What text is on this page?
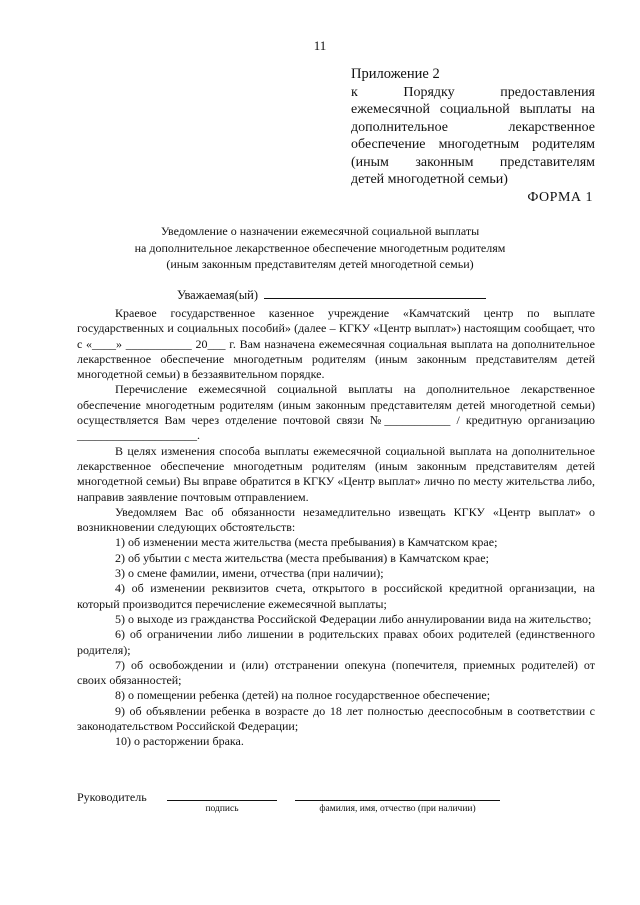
11
Приложение 2
к Порядку предоставления
ежемесячной социальной выплаты на
дополнительное лекарственное
обеспечение многодетным родителям
(иным законным представителям
детей многодетной семьи)
ФОРМА 1
Уведомление о назначении ежемесячной социальной выплаты
на дополнительное лекарственное обеспечение многодетным родителям
(иным законным представителям детей многодетной семьи)
Уважаемая(ый)

Краевое государственное казенное учреждение «Камчатский центр по выплате государственных и социальных пособий» (далее – КГКУ «Центр выплат») настоящим сообщает, что с «____» ___________ 20___ г. Вам назначена ежемесячная социальная выплата на дополнительное лекарственное обеспечение многодетным родителям (иным законным представителям детей многодетной семьи) в беззаявительном порядке.

Перечисление ежемесячной социальной выплаты на дополнительное лекарственное обеспечение многодетным родителям (иным законным представителям детей многодетной семьи) осуществляется Вам через отделение почтовой связи №___________ / кредитную организацию ____________________.

В целях изменения способа выплаты ежемесячной социальной выплата на дополнительное лекарственное обеспечение многодетным родителям (иным законным представителям детей многодетной семьи) Вы вправе обратится в КГКУ «Центр выплат» лично по месту жительства либо, направив заявление почтовым отправлением.

Уведомляем Вас об обязанности незамедлительно извещать КГКУ «Центр выплат» о возникновении следующих обстоятельств:

1) об изменении места жительства (места пребывания) в Камчатском крае;

2) об убытии с места жительства (места пребывания) в Камчатском крае;

3) о смене фамилии, имени, отчества (при наличии);

4) об изменении реквизитов счета, открытого в российской кредитной организации, на который производится перечисление ежемесячной выплаты;

5) о выходе из гражданства Российской Федерации либо аннулировании вида на жительство;

6) об ограничении либо лишении в родительских правах обоих родителей (единственного родителя);

7) об освобождении и (или) отстранении опекуна (попечителя, приемных родителей) от своих обязанностей;

8) о помещении ребенка (детей) на полное государственное обеспечение;

9) об объявлении ребенка в возрасте до 18 лет полностью дееспособным в соответствии с законодательством Российской Федерации;

10) о расторжении брака.

Руководитель
подпись	фамилия, имя, отчество (при наличии)
